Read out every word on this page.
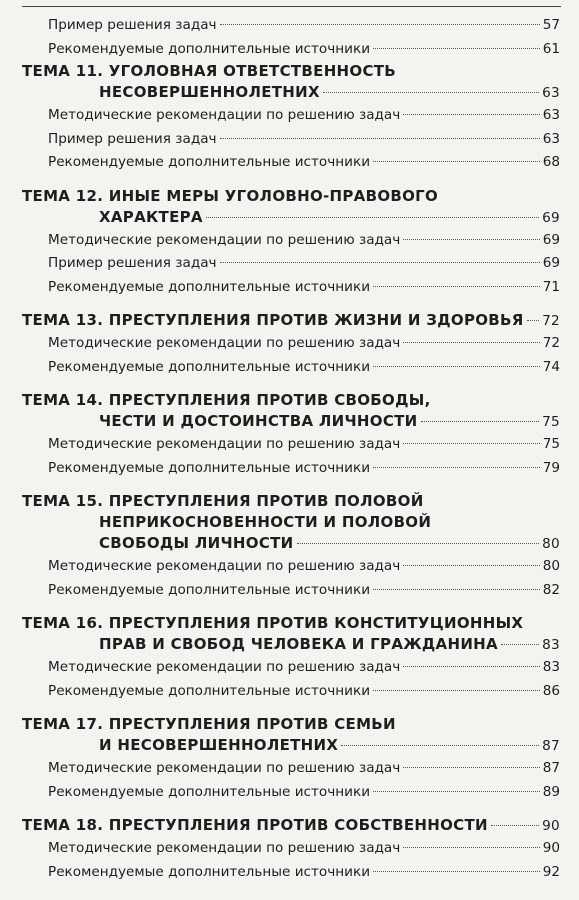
Пример решения задач	57
Рекомендуемые дополнительные источники	61
ТЕМА 11. УГОЛОВНАЯ ОТВЕТСТВЕННОСТЬ
НЕСОВЕРШЕННОЛЕТНИХ	63
Методические рекомендации по решению задач	63
Пример решения задач	63
Рекомендуемые дополнительные источники	68
ТЕМА 12. ИНЫЕ МЕРЫ УГОЛОВНО-ПРАВОВОГО
ХАРАКТЕРА	69
Методические рекомендации по решению задач	69
Пример решения задач	69
Рекомендуемые дополнительные источники	71
ТЕМА 13. ПРЕСТУПЛЕНИЯ ПРОТИВ ЖИЗНИ И ЗДОРОВЬЯ 72
Методические рекомендации по решению задач	72
Рекомендуемые дополнительные источники	74
ТЕМА 14. ПРЕСТУПЛЕНИЯ ПРОТИВ СВОБОДЫ,
ЧЕСТИ И ДОСТОИНСТВА ЛИЧНОСТИ	75
Методические рекомендации по решению задач	75
Рекомендуемые дополнительные источники	79
ТЕМА 15. ПРЕСТУПЛЕНИЯ ПРОТИВ ПОЛОВОЙ
НЕПРИКОСНОВЕННОСТИ И ПОЛОВОЙ
СВОБОДЫ ЛИЧНОСТИ	80
Методические рекомендации по решению задач	80
Рекомендуемые дополнительные источники	82
ТЕМА 16. ПРЕСТУПЛЕНИЯ ПРОТИВ КОНСТИТУЦИОННЫХ
ПРАВ И СВОБОД ЧЕЛОВЕКА И ГРАЖДАНИНА	83
Методические рекомендации по решению задач	83
Рекомендуемые дополнительные источники	86
ТЕМА 17. ПРЕСТУПЛЕНИЯ ПРОТИВ СЕМЬИ
И НЕСОВЕРШЕННОЛЕТНИХ	87
Методические рекомендации по решению задач	87
Рекомендуемые дополнительные источники	89
ТЕМА 18. ПРЕСТУПЛЕНИЯ ПРОТИВ СОБСТВЕННОСТИ	90
Методические рекомендации по решению задач	90
Рекомендуемые дополнительные источники	92
